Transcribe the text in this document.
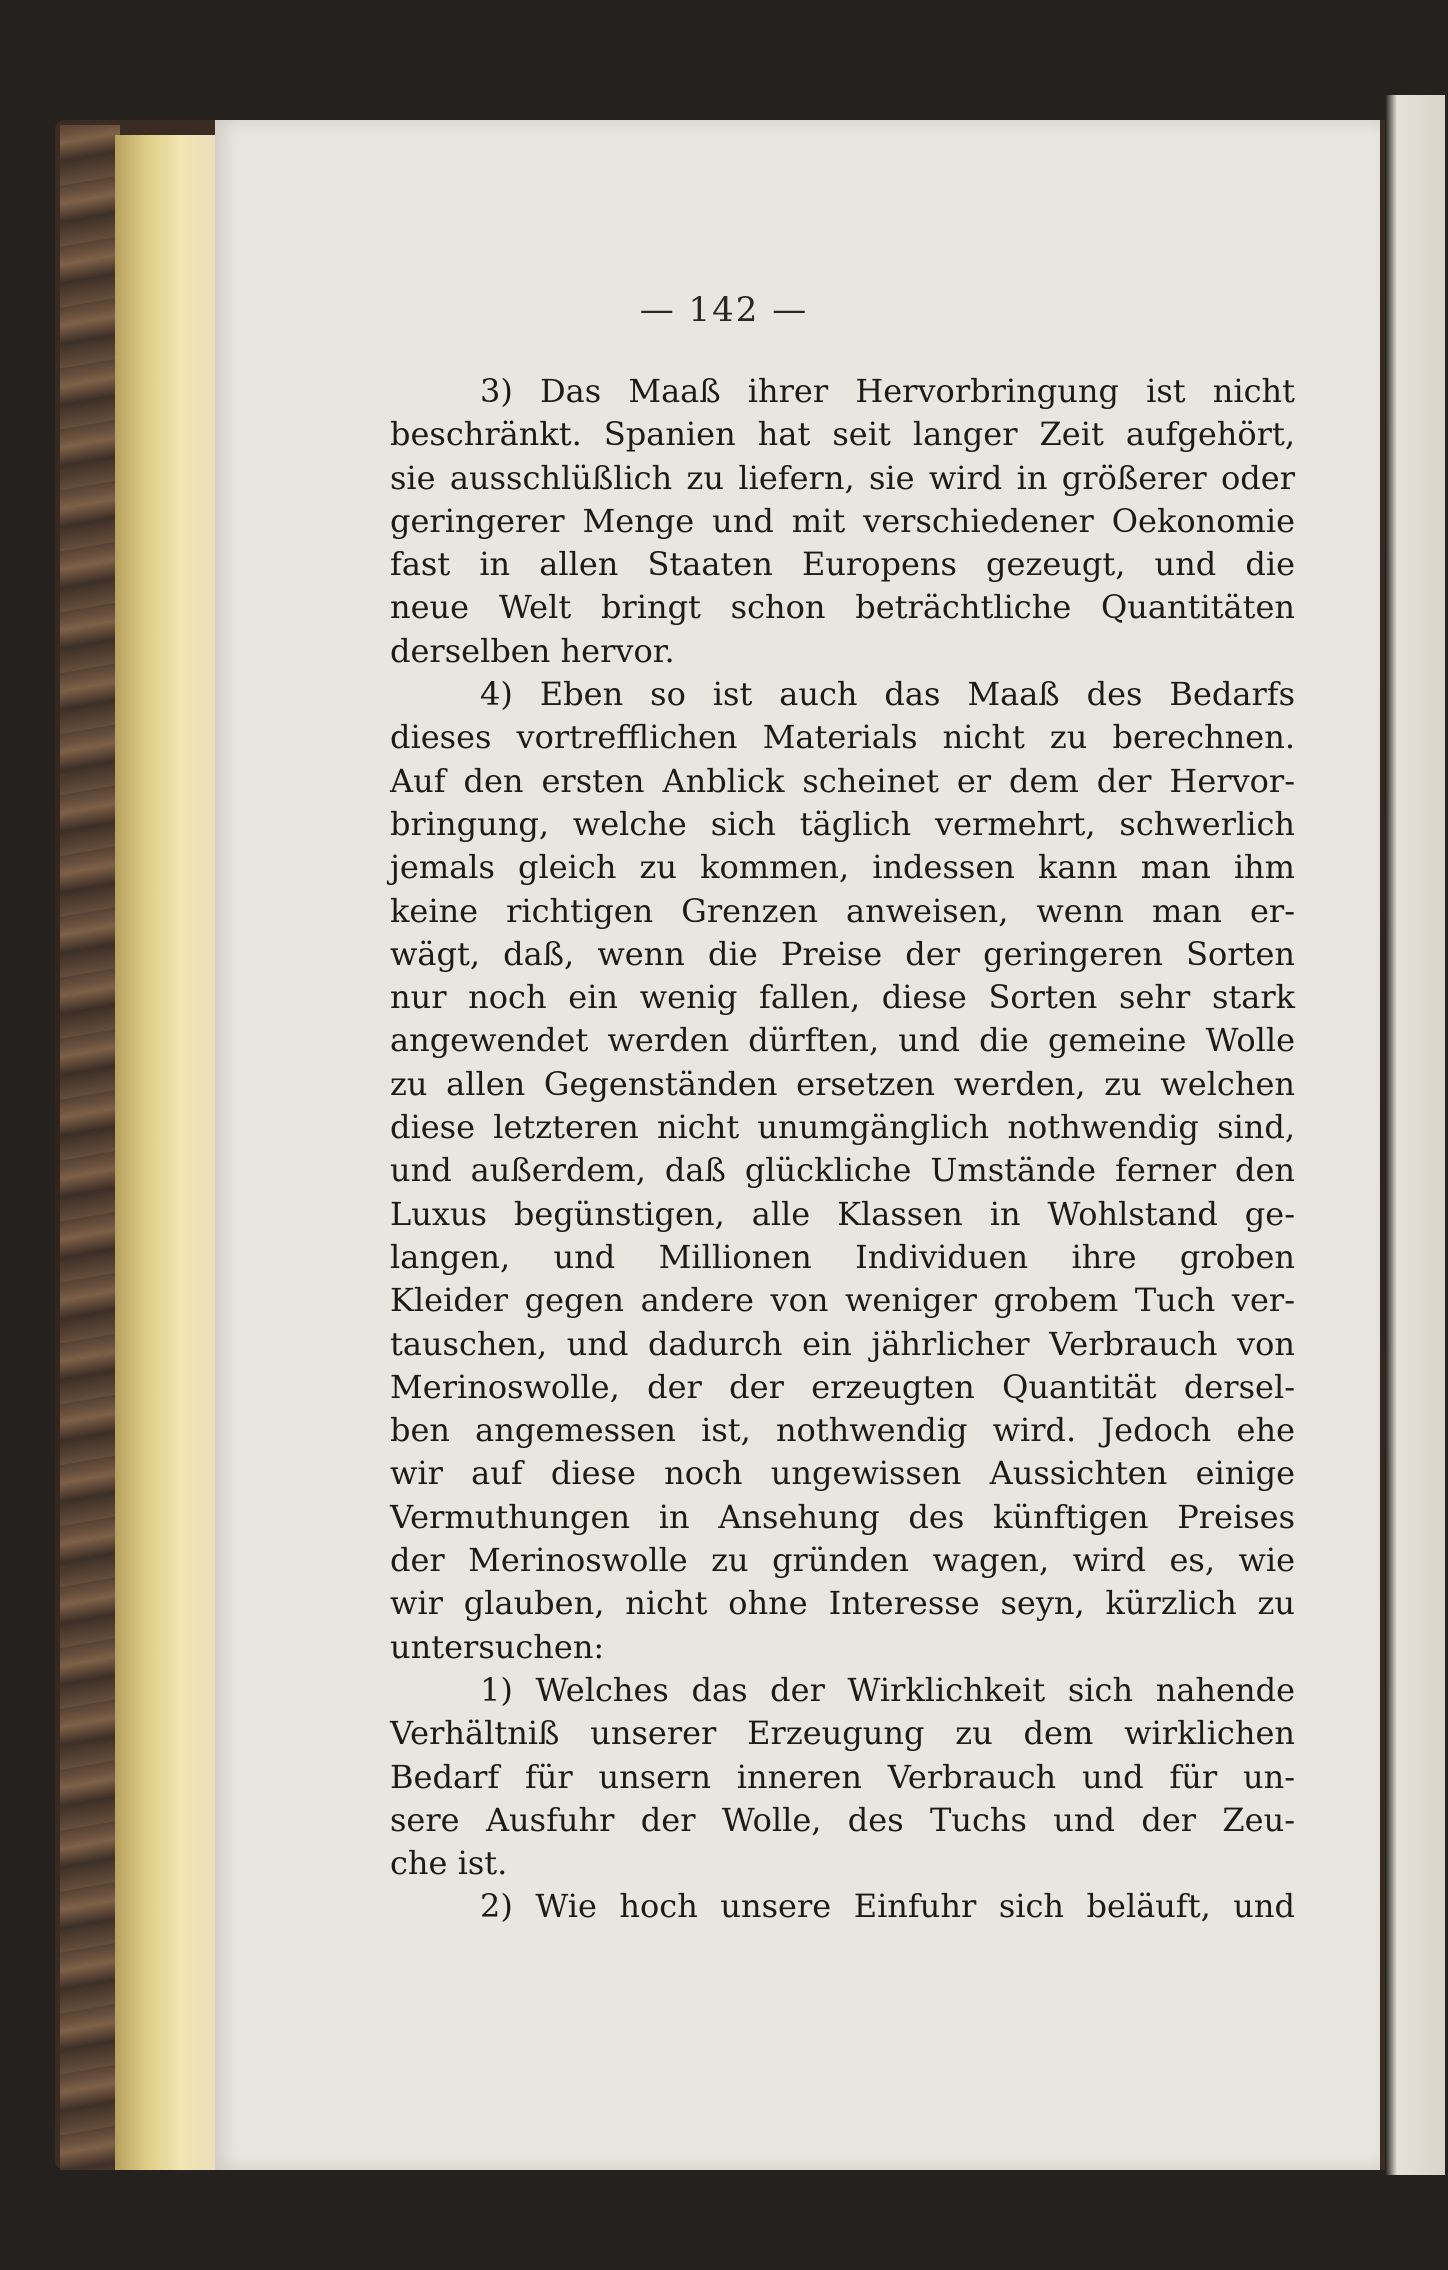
— 142 —
3) Das Maaß ihrer Hervorbringung ist nicht
beschränkt. Spanien hat seit langer Zeit aufgehört,
sie ausschlüßlich zu liefern, sie wird in größerer oder
geringerer Menge und mit verschiedener Oekonomie
fast in allen Staaten Europens gezeugt, und die
neue Welt bringt schon beträchtliche Quantitäten
derselben hervor.
4) Eben so ist auch das Maaß des Bedarfs
dieses vortrefflichen Materials nicht zu berechnen.
Auf den ersten Anblick scheinet er dem der Hervor-
bringung, welche sich täglich vermehrt, schwerlich
jemals gleich zu kommen, indessen kann man ihm
keine richtigen Grenzen anweisen, wenn man er-
wägt, daß, wenn die Preise der geringeren Sorten
nur noch ein wenig fallen, diese Sorten sehr stark
angewendet werden dürften, und die gemeine Wolle
zu allen Gegenständen ersetzen werden, zu welchen
diese letzteren nicht unumgänglich nothwendig sind,
und außerdem, daß glückliche Umstände ferner den
Luxus begünstigen, alle Klassen in Wohlstand ge-
langen, und Millionen Individuen ihre groben
Kleider gegen andere von weniger grobem Tuch ver-
tauschen, und dadurch ein jährlicher Verbrauch von
Merinoswolle, der der erzeugten Quantität dersel-
ben angemessen ist, nothwendig wird. Jedoch ehe
wir auf diese noch ungewissen Aussichten einige
Vermuthungen in Ansehung des künftigen Preises
der Merinoswolle zu gründen wagen, wird es, wie
wir glauben, nicht ohne Interesse seyn, kürzlich zu
untersuchen:
1) Welches das der Wirklichkeit sich nahende
Verhältniß unserer Erzeugung zu dem wirklichen
Bedarf für unsern inneren Verbrauch und für un-
sere Ausfuhr der Wolle, des Tuchs und der Zeu-
che ist.
2) Wie hoch unsere Einfuhr sich beläuft, und
